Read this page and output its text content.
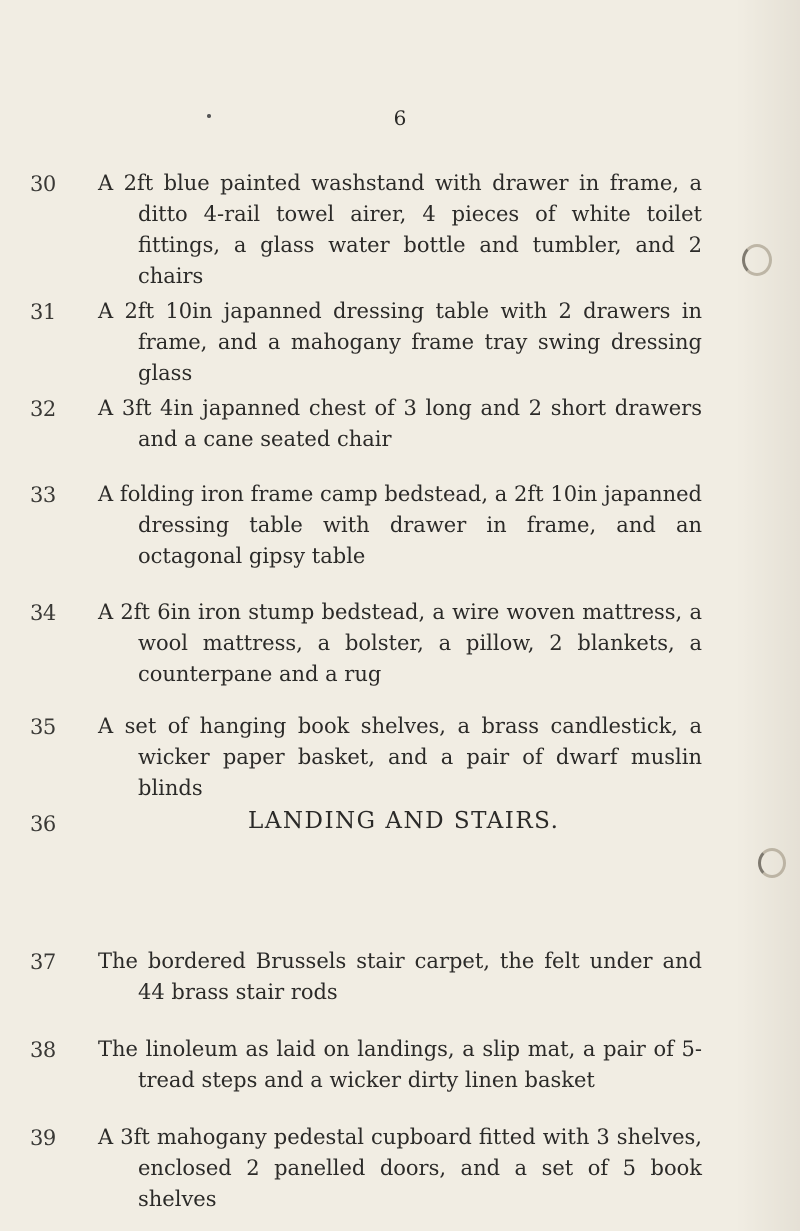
6
30	A 2ft blue painted washstand with drawer in frame, a ditto 4-rail towel airer, 4 pieces of white toilet fittings, a glass water bottle and tumbler, and 2 chairs
31	A 2ft 10in japanned dressing table with 2 drawers in frame, and a mahogany frame tray swing dressing glass
32	A 3ft 4in japanned chest of 3 long and 2 short drawers and a cane seated chair
33	A folding iron frame camp bedstead, a 2ft 10in japanned dressing table with drawer in frame, and an octagonal gipsy table
34	A 2ft 6in iron stump bedstead, a wire woven mattress, a wool mattress, a bolster, a pillow, 2 blankets, a counterpane and a rug
35	A set of hanging book shelves, a brass candlestick, a wicker paper basket, and a pair of dwarf muslin blinds
36	LANDING AND STAIRS.
37	The bordered Brussels stair carpet, the felt under and 44 brass stair rods
38	The linoleum as laid on landings, a slip mat, a pair of 5-tread steps and a wicker dirty linen basket
39	A 3ft mahogany pedestal cupboard fitted with 3 shelves, enclosed 2 panelled doors, and a set of 5 book shelves
